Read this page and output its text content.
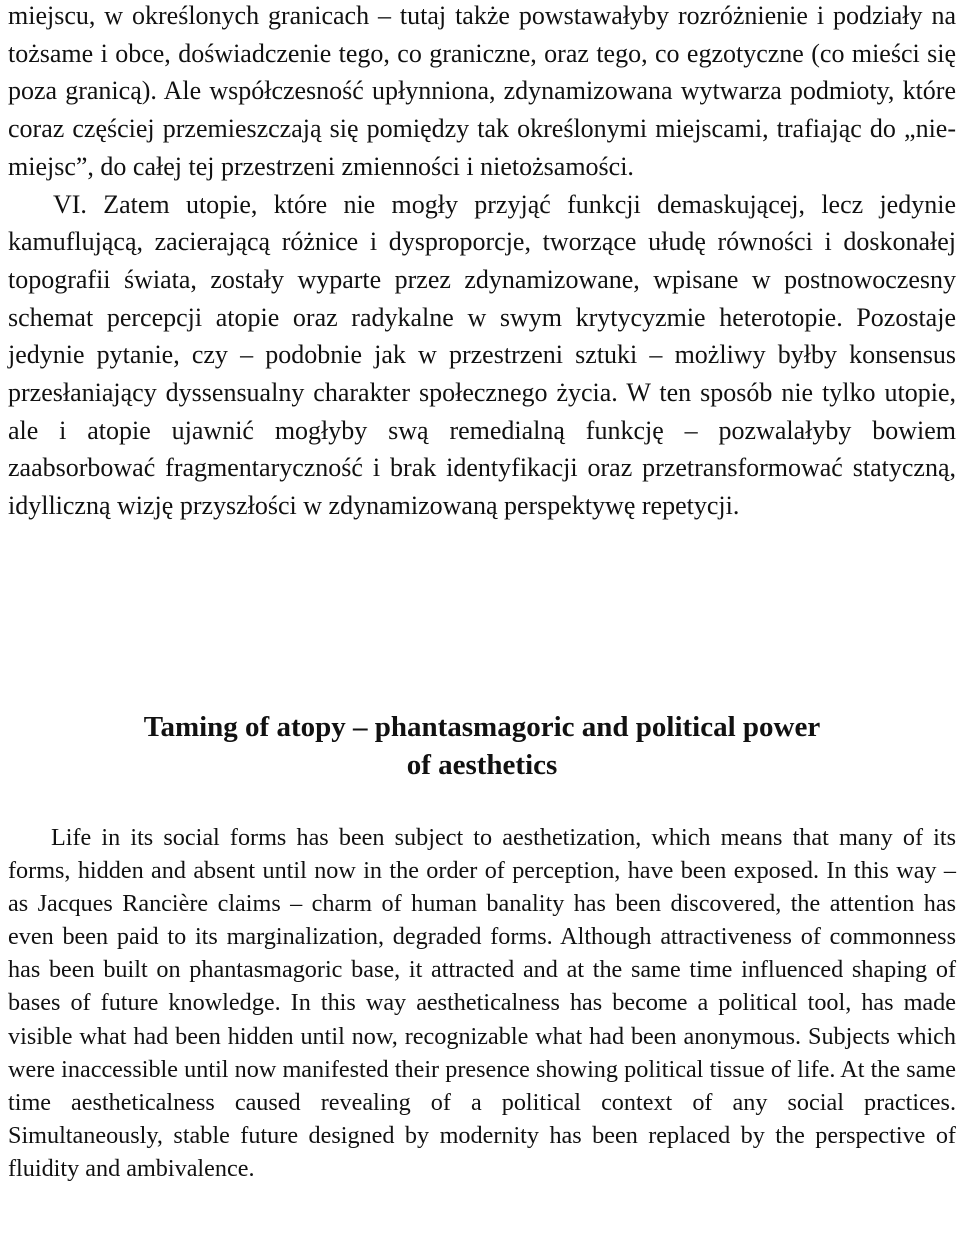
miejscu, w określonych granicach – tutaj także powstawałyby rozróżnienie i podziały na tożsame i obce, doświadczenie tego, co graniczne, oraz tego, co egzotyczne (co mieści się poza granicą). Ale współczesność upłynniona, zdynamizowana wytwarza podmioty, które coraz częściej przemieszczają się pomiędzy tak określonymi miejscami, trafiając do „nie-miejsc”, do całej tej przestrzeni zmienności i nietożsamości.

VI. Zatem utopie, które nie mogły przyjąć funkcji demaskującej, lecz jedynie kamuflującą, zacierającą różnice i dysproporcje, tworzące ułudę równości i doskonałej topografii świata, zostały wyparte przez zdynamizowane, wpisane w postnowoczesny schemat percepcji atopie oraz radykalne w swym krytycyzmie heterotopie. Pozostaje jedynie pytanie, czy – podobnie jak w przestrzeni sztuki – możliwy byłby konsensus przesłaniający dyssensualny charakter społecznego życia. W ten sposób nie tylko utopie, ale i atopie ujawnić mogłyby swą remedialną funkcję – pozwalałyby bowiem zaabsorbować fragmentaryczność i brak identyfikacji oraz przetransformować statyczną, idylliczną wizję przyszłości w zdynamizowaną perspektywę repetycji.

Taming of atopy – phantasmagoric and political power
of aesthetics

Life in its social forms has been subject to aesthetization, which means that many of its forms, hidden and absent until now in the order of perception, have been exposed. In this way – as Jacques Rancière claims – charm of human banality has been discovered, the attention has even been paid to its marginalization, degraded forms. Although attractiveness of commonness has been built on phantasmagoric base, it attracted and at the same time influenced shaping of bases of future knowledge. In this way aestheticalness has become a political tool, has made visible what had been hidden until now, recognizable what had been anonymous. Subjects which were inaccessible until now manifested their presence showing political tissue of life. At the same time aestheticalness caused revealing of a political context of any social practices. Simultaneously, stable future designed by modernity has been replaced by the perspective of fluidity and ambivalence.
